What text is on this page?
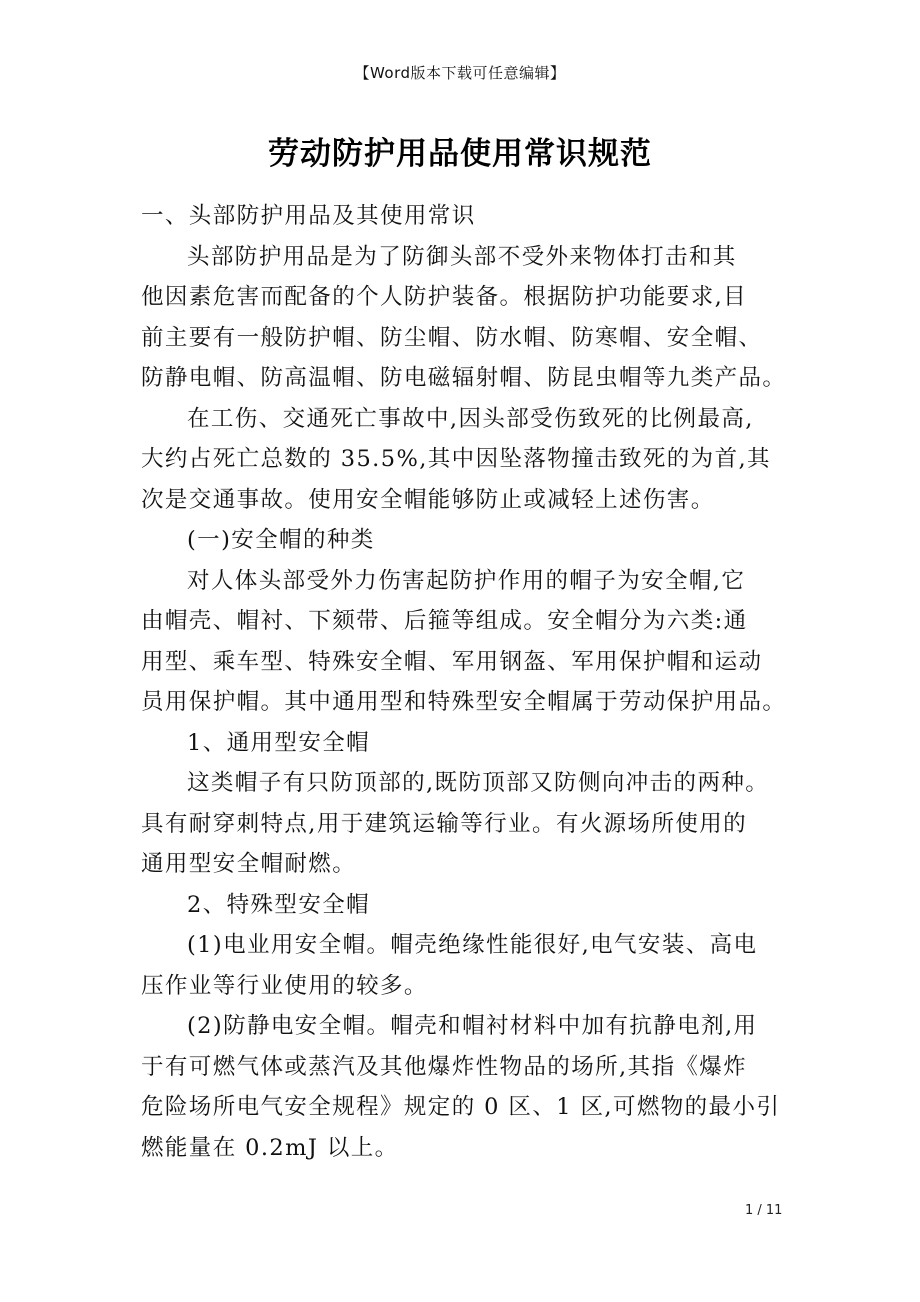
【Word版本下载可任意编辑】
劳动防护用品使用常识规范
一、头部防护用品及其使用常识
头部防护用品是为了防御头部不受外来物体打击和其
他因素危害而配备的个人防护装备。根据防护功能要求,目
前主要有一般防护帽、防尘帽、防水帽、防寒帽、安全帽、
防静电帽、防高温帽、防电磁辐射帽、防昆虫帽等九类产品。
在工伤、交通死亡事故中,因头部受伤致死的比例最高,
大约占死亡总数的 35.5%,其中因坠落物撞击致死的为首,其
次是交通事故。使用安全帽能够防止或减轻上述伤害。
(一)安全帽的种类
对人体头部受外力伤害起防护作用的帽子为安全帽,它
由帽壳、帽衬、下颏带、后箍等组成。安全帽分为六类:通
用型、乘车型、特殊安全帽、军用钢盔、军用保护帽和运动
员用保护帽。其中通用型和特殊型安全帽属于劳动保护用品。
1、通用型安全帽
这类帽子有只防顶部的,既防顶部又防侧向冲击的两种。
具有耐穿刺特点,用于建筑运输等行业。有火源场所使用的
通用型安全帽耐燃。
2、特殊型安全帽
(1)电业用安全帽。帽壳绝缘性能很好,电气安装、高电
压作业等行业使用的较多。
(2)防静电安全帽。帽壳和帽衬材料中加有抗静电剂,用
于有可燃气体或蒸汽及其他爆炸性物品的场所,其指《爆炸
危险场所电气安全规程》规定的 0 区、1 区,可燃物的最小引
燃能量在 0.2mJ 以上。
1 / 11
